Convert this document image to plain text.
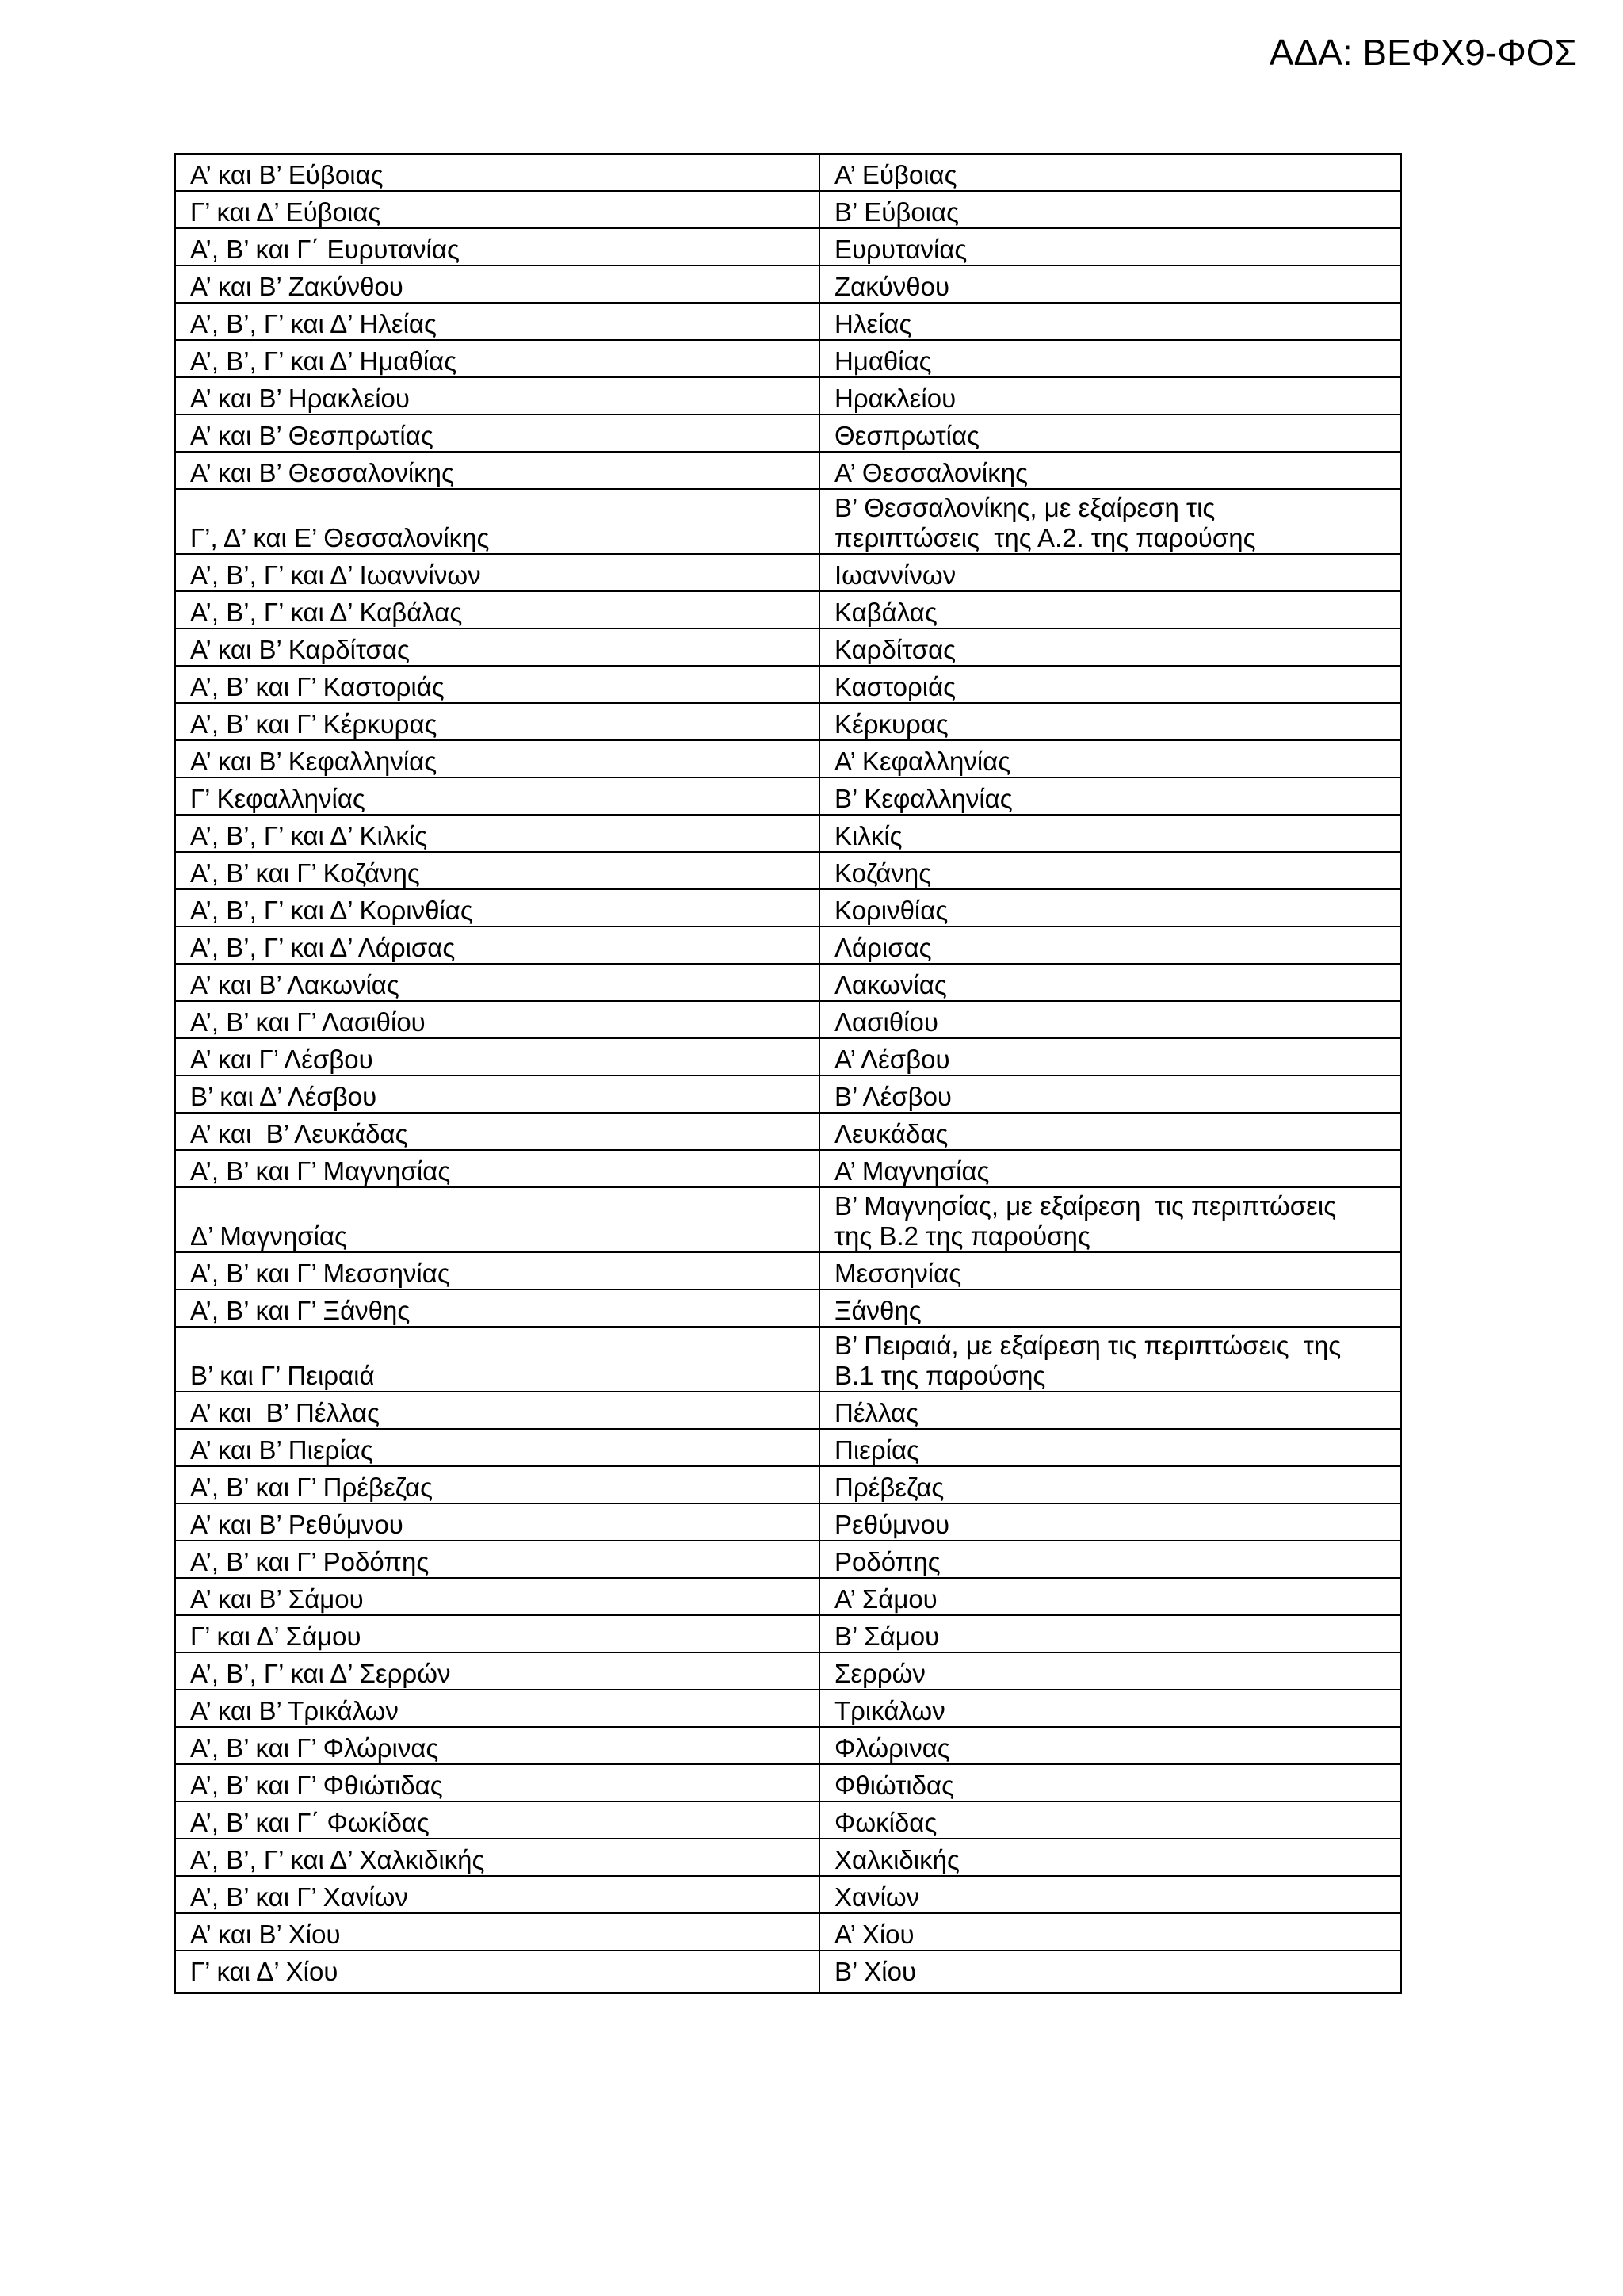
ΑΔΑ: ΒΕΦΧ9-ΦΟΣ
Α’ και Β’ Εύβοιας	Α’ Εύβοιας
Γ’ και Δ’ Εύβοιας	Β’ Εύβοιας
Α’, Β’ και Γ΄ Ευρυτανίας	Ευρυτανίας
Α’ και Β’ Ζακύνθου	Ζακύνθου
Α’, Β’, Γ’ και Δ’ Ηλείας	Ηλείας
Α’, Β’, Γ’ και Δ’ Ημαθίας	Ημαθίας
Α’ και Β’ Ηρακλείου	Ηρακλείου
Α’ και Β’ Θεσπρωτίας	Θεσπρωτίας
Α’ και Β’ Θεσσαλονίκης	Α’ Θεσσαλονίκης
Γ’, Δ’ και Ε’ Θεσσαλονίκης	Β’ Θεσσαλονίκης, με εξαίρεση τις
περιπτώσεις  της Α.2. της παρούσης
Α’, Β’, Γ’ και Δ’ Ιωαννίνων	Ιωαννίνων
Α’, Β’, Γ’ και Δ’ Καβάλας	Καβάλας
Α’ και Β’ Καρδίτσας	Καρδίτσας
Α’, Β’ και Γ’ Καστοριάς	Καστοριάς
Α’, Β’ και Γ’ Κέρκυρας	Κέρκυρας
Α’ και Β’ Κεφαλληνίας	Α’ Κεφαλληνίας
Γ’ Κεφαλληνίας	Β’ Κεφαλληνίας
Α’, Β’, Γ’ και Δ’ Κιλκίς	Κιλκίς
Α’, Β’ και Γ’ Κοζάνης	Κοζάνης
Α’, Β’, Γ’ και Δ’ Κορινθίας	Κορινθίας
Α’, Β’, Γ’ και Δ’ Λάρισας	Λάρισας
Α’ και Β’ Λακωνίας	Λακωνίας
Α’, Β’ και Γ’ Λασιθίου	Λασιθίου
Α’ και Γ’ Λέσβου	Α’ Λέσβου
Β’ και Δ’ Λέσβου	Β’ Λέσβου
Α’ και  Β’ Λευκάδας	Λευκάδας
Α’, Β’ και Γ’ Μαγνησίας	Α’ Μαγνησίας
Δ’ Μαγνησίας	Β’ Μαγνησίας, με εξαίρεση  τις περιπτώσεις
της Β.2 της παρούσης
Α’, Β’ και Γ’ Μεσσηνίας	Μεσσηνίας
Α’, Β’ και Γ’ Ξάνθης	Ξάνθης
Β’ και Γ’ Πειραιά	Β’ Πειραιά, με εξαίρεση τις περιπτώσεις  της
Β.1 της παρούσης
Α’ και  Β’ Πέλλας	Πέλλας
Α’ και Β’ Πιερίας	Πιερίας
Α’, Β’ και Γ’ Πρέβεζας	Πρέβεζας
Α’ και Β’ Ρεθύμνου	Ρεθύμνου
Α’, Β’ και Γ’ Ροδόπης	Ροδόπης
Α’ και Β’ Σάμου	Α’ Σάμου
Γ’ και Δ’ Σάμου	Β’ Σάμου
Α’, Β’, Γ’ και Δ’ Σερρών	Σερρών
Α’ και Β’ Τρικάλων	Τρικάλων
Α’, Β’ και Γ’ Φλώρινας	Φλώρινας
Α’, Β’ και Γ’ Φθιώτιδας	Φθιώτιδας
Α’, Β’ και Γ΄ Φωκίδας	Φωκίδας
Α’, Β’, Γ’ και Δ’ Χαλκιδικής	Χαλκιδικής
Α’, Β’ και Γ’ Χανίων	Χανίων
Α’ και Β’ Χίου	Α’ Χίου
Γ’ και Δ’ Χίου	Β’ Χίου
